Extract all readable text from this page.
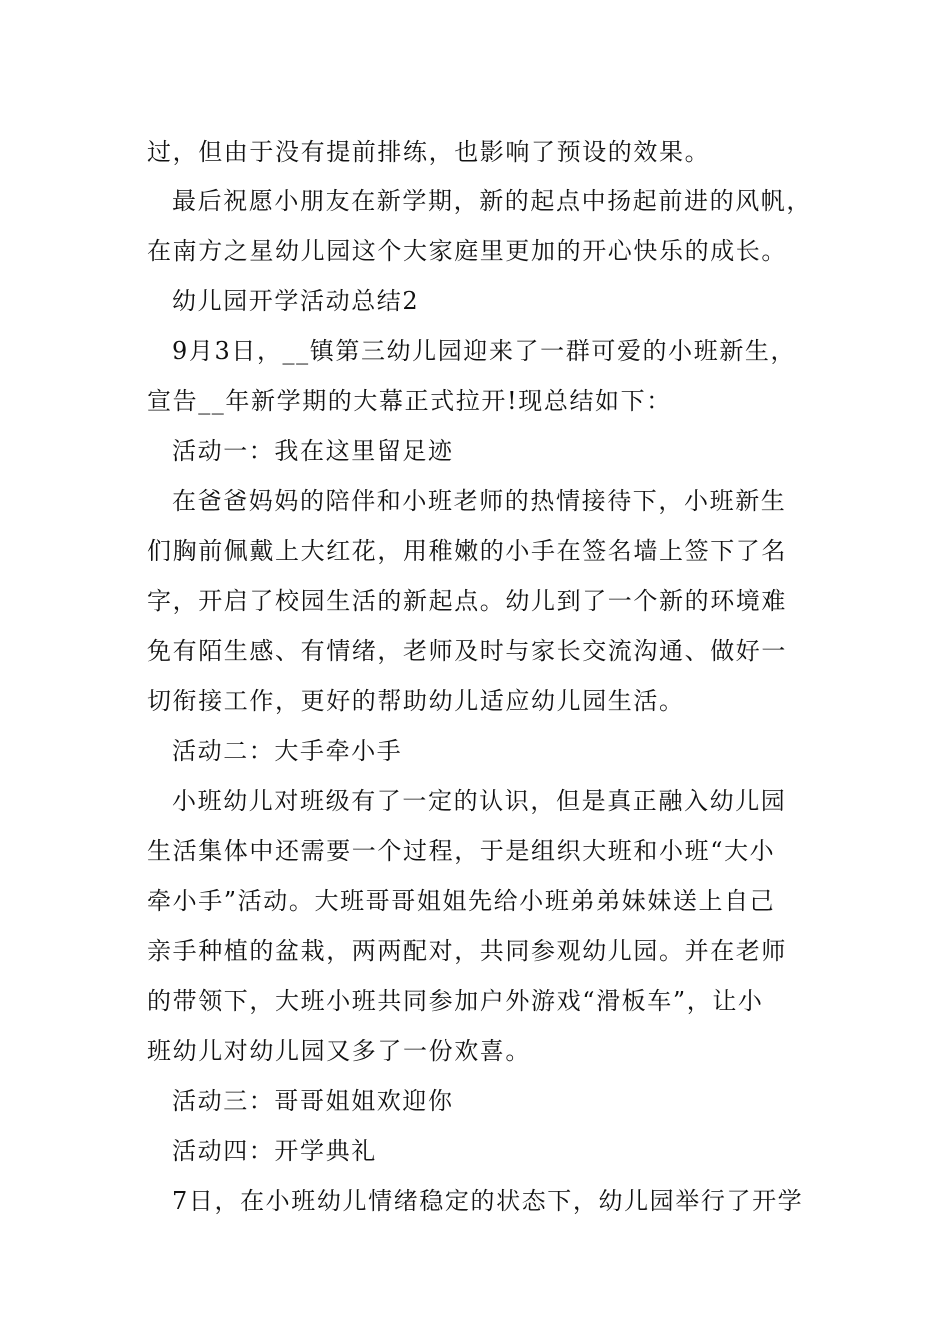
过，但由于没有提前排练，也影响了预设的效果。
最后祝愿小朋友在新学期，新的起点中扬起前进的风帆，
在南方之星幼儿园这个大家庭里更加的开心快乐的成长。
幼儿园开学活动总结2
9月3日，__镇第三幼儿园迎来了一群可爱的小班新生，
宣告__年新学期的大幕正式拉开!现总结如下：
活动一：我在这里留足迹
在爸爸妈妈的陪伴和小班老师的热情接待下，小班新生
们胸前佩戴上大红花，用稚嫩的小手在签名墙上签下了名
字，开启了校园生活的新起点。幼儿到了一个新的环境难
免有陌生感、有情绪，老师及时与家长交流沟通、做好一
切衔接工作，更好的帮助幼儿适应幼儿园生活。
活动二：大手牵小手
小班幼儿对班级有了一定的认识，但是真正融入幼儿园
生活集体中还需要一个过程，于是组织大班和小班“大小
牵小手”活动。大班哥哥姐姐先给小班弟弟妹妹送上自己
亲手种植的盆栽，两两配对，共同参观幼儿园。并在老师
的带领下，大班小班共同参加户外游戏“滑板车”，让小
班幼儿对幼儿园又多了一份欢喜。
活动三：哥哥姐姐欢迎你
活动四：开学典礼
7日，在小班幼儿情绪稳定的状态下，幼儿园举行了开学
